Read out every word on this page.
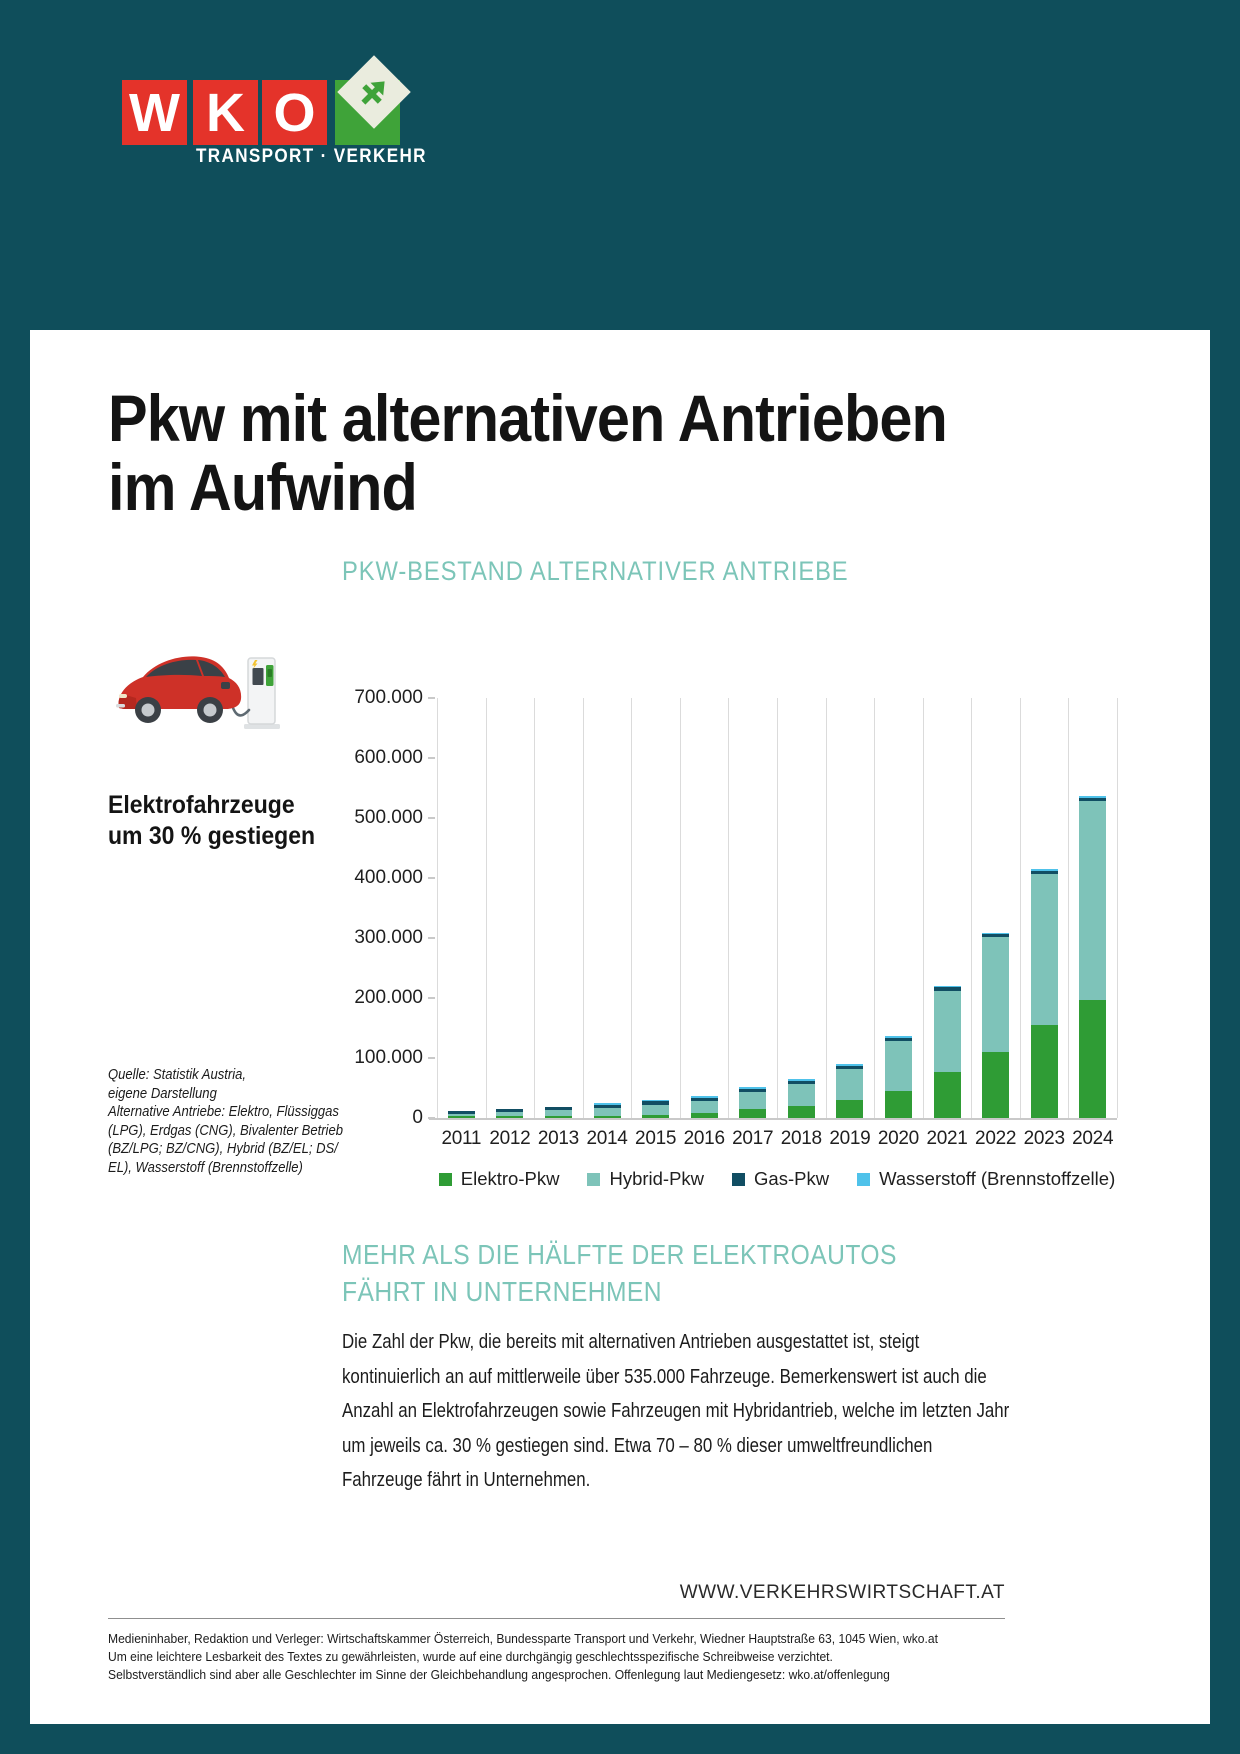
W K O
TRANSPORT · VERKEHR
Pkw mit alternativen Antrieben
im Aufwind
Elektrofahrzeuge
um 30 % gestiegen
Quelle: Statistik Austria,
eigene Darstellung
Alternative Antriebe: Elektro, Flüssiggas
(LPG), Erdgas (CNG), Bivalenter Betrieb
(BZ/LPG; BZ/CNG), Hybrid (BZ/EL; DS/
EL), Wasserstoff (Brennstoffzelle)
PKW-BESTAND ALTERNATIVER ANTRIEBE
0
100.000
200.000
300.000
400.000
500.000
600.000
700.000
2011 2012 2013 2014 2015 2016 2017 2018 2019 2020 2021 2022 2023 2024
Elektro-Pkw	Hybrid-Pkw	Gas-Pkw	Wasserstoff (Brennstoffzelle)
MEHR ALS DIE HÄLFTE DER ELEKTROAUTOS
FÄHRT IN UNTERNEHMEN
Die Zahl der Pkw, die bereits mit alternativen Antrieben ausgestattet ist, steigt kontinuierlich an auf mittlerweile über 535.000 Fahrzeuge. Bemerkenswert ist auch die Anzahl an Elektrofahrzeugen sowie Fahrzeugen mit Hybridantrieb, welche im letzten Jahr um jeweils ca. 30 % gestiegen sind. Etwa 70 – 80 % dieser umweltfreundlichen Fahrzeuge fährt in Unternehmen.
WWW.VERKEHRSWIRTSCHAFT.AT
Medieninhaber, Redaktion und Verleger: Wirtschaftskammer Österreich, Bundessparte Transport und Verkehr, Wiedner Hauptstraße 63, 1045 Wien, wko.at
Um eine leichtere Lesbarkeit des Textes zu gewährleisten, wurde auf eine durchgängig geschlechtsspezifische Schreibweise verzichtet.
Selbstverständlich sind aber alle Geschlechter im Sinne der Gleichbehandlung angesprochen. Offenlegung laut Mediengesetz: wko.at/offenlegung
